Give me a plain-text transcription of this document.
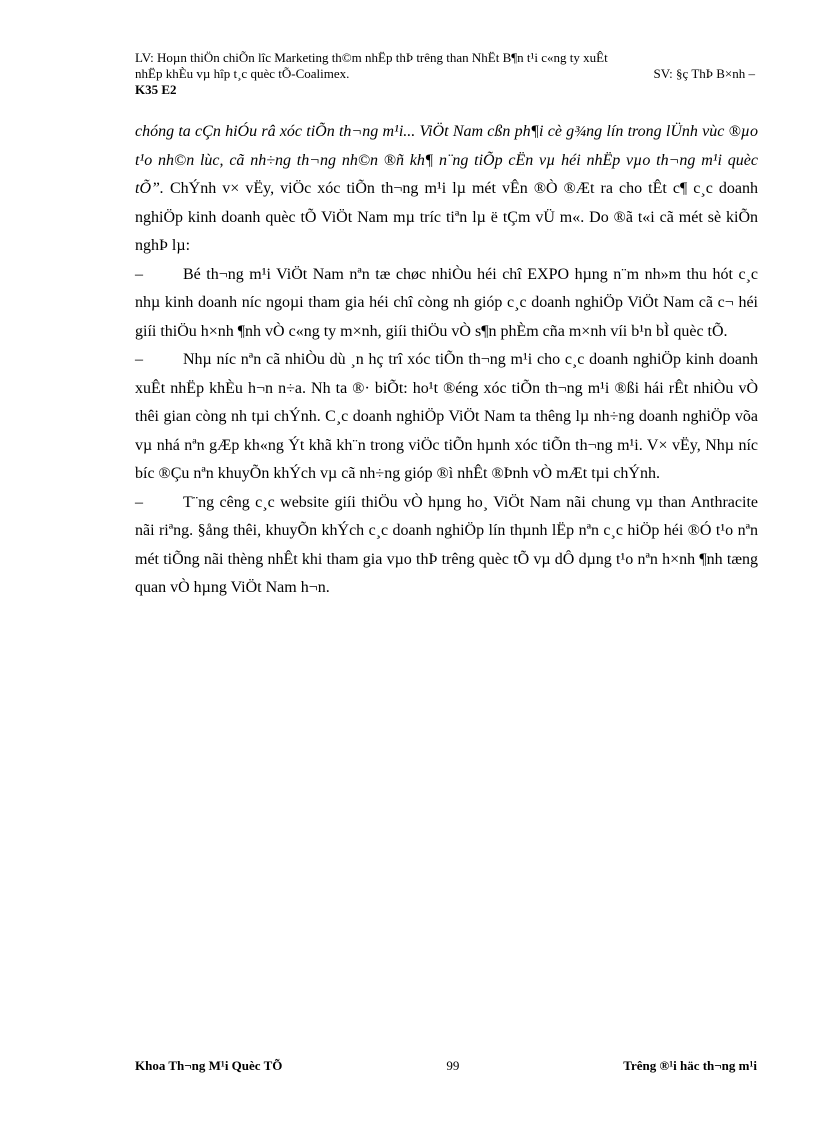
LV: Hoµn thiÖn chiÕn lîc Marketing th©m nhËp thÞ trêng than NhËt B¶n t¹i c«ng ty xuÊt
nhËp khÈu vµ hîp t¸c quèc tÕ-Coalimex.	SV: §ç ThÞ B×nh –
K35 E2

chóng ta cÇn hiÓu râ xóc tiÕn th¬ng m¹i... ViÖt Nam cßn ph¶i cè g¾ng lín trong lÜnh vùc ®µo t¹o nh©n lùc, cã nh÷ng th¬ng nh©n ®ñ kh¶ n¨ng tiÕp cËn vµ héi nhËp vµo th¬ng m¹i quèc tÕ”. ChÝnh v× vËy, viÖc xóc tiÕn th¬ng m¹i lµ mét vÊn ®Ò ®Æt ra cho tÊt c¶ c¸c doanh nghiÖp kinh doanh quèc tÕ ViÖt Nam mµ tríc tiªn lµ ë tÇm vÜ m«. Do ®ã t«i cã mét sè kiÕn nghÞ lµ:

–	Bé th¬ng m¹i ViÖt Nam nªn tæ chøc nhiÒu héi chî EXPO hµng n¨m nh»m thu hót c¸c nhµ kinh doanh níc ngoµi tham gia héi chî còng nh gióp c¸c doanh nghiÖp ViÖt Nam cã c¬ héi giíi thiÖu h×nh ¶nh vÒ c«ng ty m×nh, giíi thiÖu vÒ s¶n phÈm cña m×nh víi b¹n bÌ quèc tÕ.

–	Nhµ níc nªn cã nhiÒu dù ¸n hç trî xóc tiÕn th¬ng m¹i cho c¸c doanh nghiÖp kinh doanh xuÊt nhËp khÈu h¬n n÷a. Nh ta ®· biÕt: ho¹t ®éng xóc tiÕn th¬ng m¹i ®ßi hái rÊt nhiÒu vÒ thêi gian còng nh tµi chÝnh. C¸c doanh nghiÖp ViÖt Nam ta thêng lµ nh÷ng doanh nghiÖp võa vµ nhá nªn gÆp kh«ng Ýt khã kh¨n trong viÖc tiÕn hµnh xóc tiÕn th¬ng m¹i. V× vËy, Nhµ níc bíc ®Çu nªn khuyÕn khÝch vµ cã nh÷ng gióp ®ì nhÊt ®Þnh vÒ mÆt tµi chÝnh.

–	T¨ng cêng c¸c website giíi thiÖu vÒ hµng ho¸ ViÖt Nam nãi chung vµ than Anthracite nãi riªng. §ång thêi, khuyÕn khÝch c¸c doanh nghiÖp lín thµnh lËp nªn c¸c hiÖp héi ®Ó t¹o nªn mét tiÕng nãi thèng nhÊt khi tham gia vµo thÞ trêng quèc tÕ vµ dÔ dµng t¹o nªn h×nh ¶nh tæng quan vÒ hµng ViÖt Nam h¬n.

Khoa Th¬ng M¹i Quèc TÕ	99	Trêng ®¹i häc th¬ng m¹i
